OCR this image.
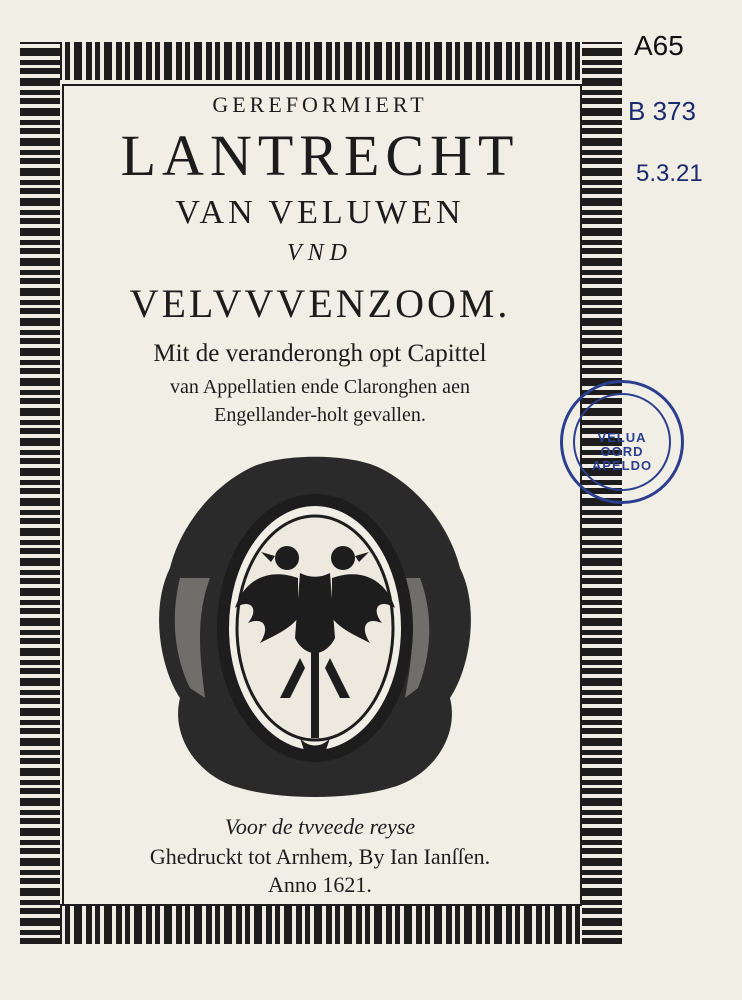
GEREFORMIERT
LANTRECHT
VAN VELUWEN
VND
VELVVVENZOOM.
Mit de veranderongh opt Capittel
van Appellatien ende Claronghen aen
Engellander-holt gevallen.
Voor de tvveede reyse
Ghedruckt tot Arnhem, By Ian Ianſſen.
Anno 1621.
A65
B 373
5.3.21
VELUA OORD APELDO
